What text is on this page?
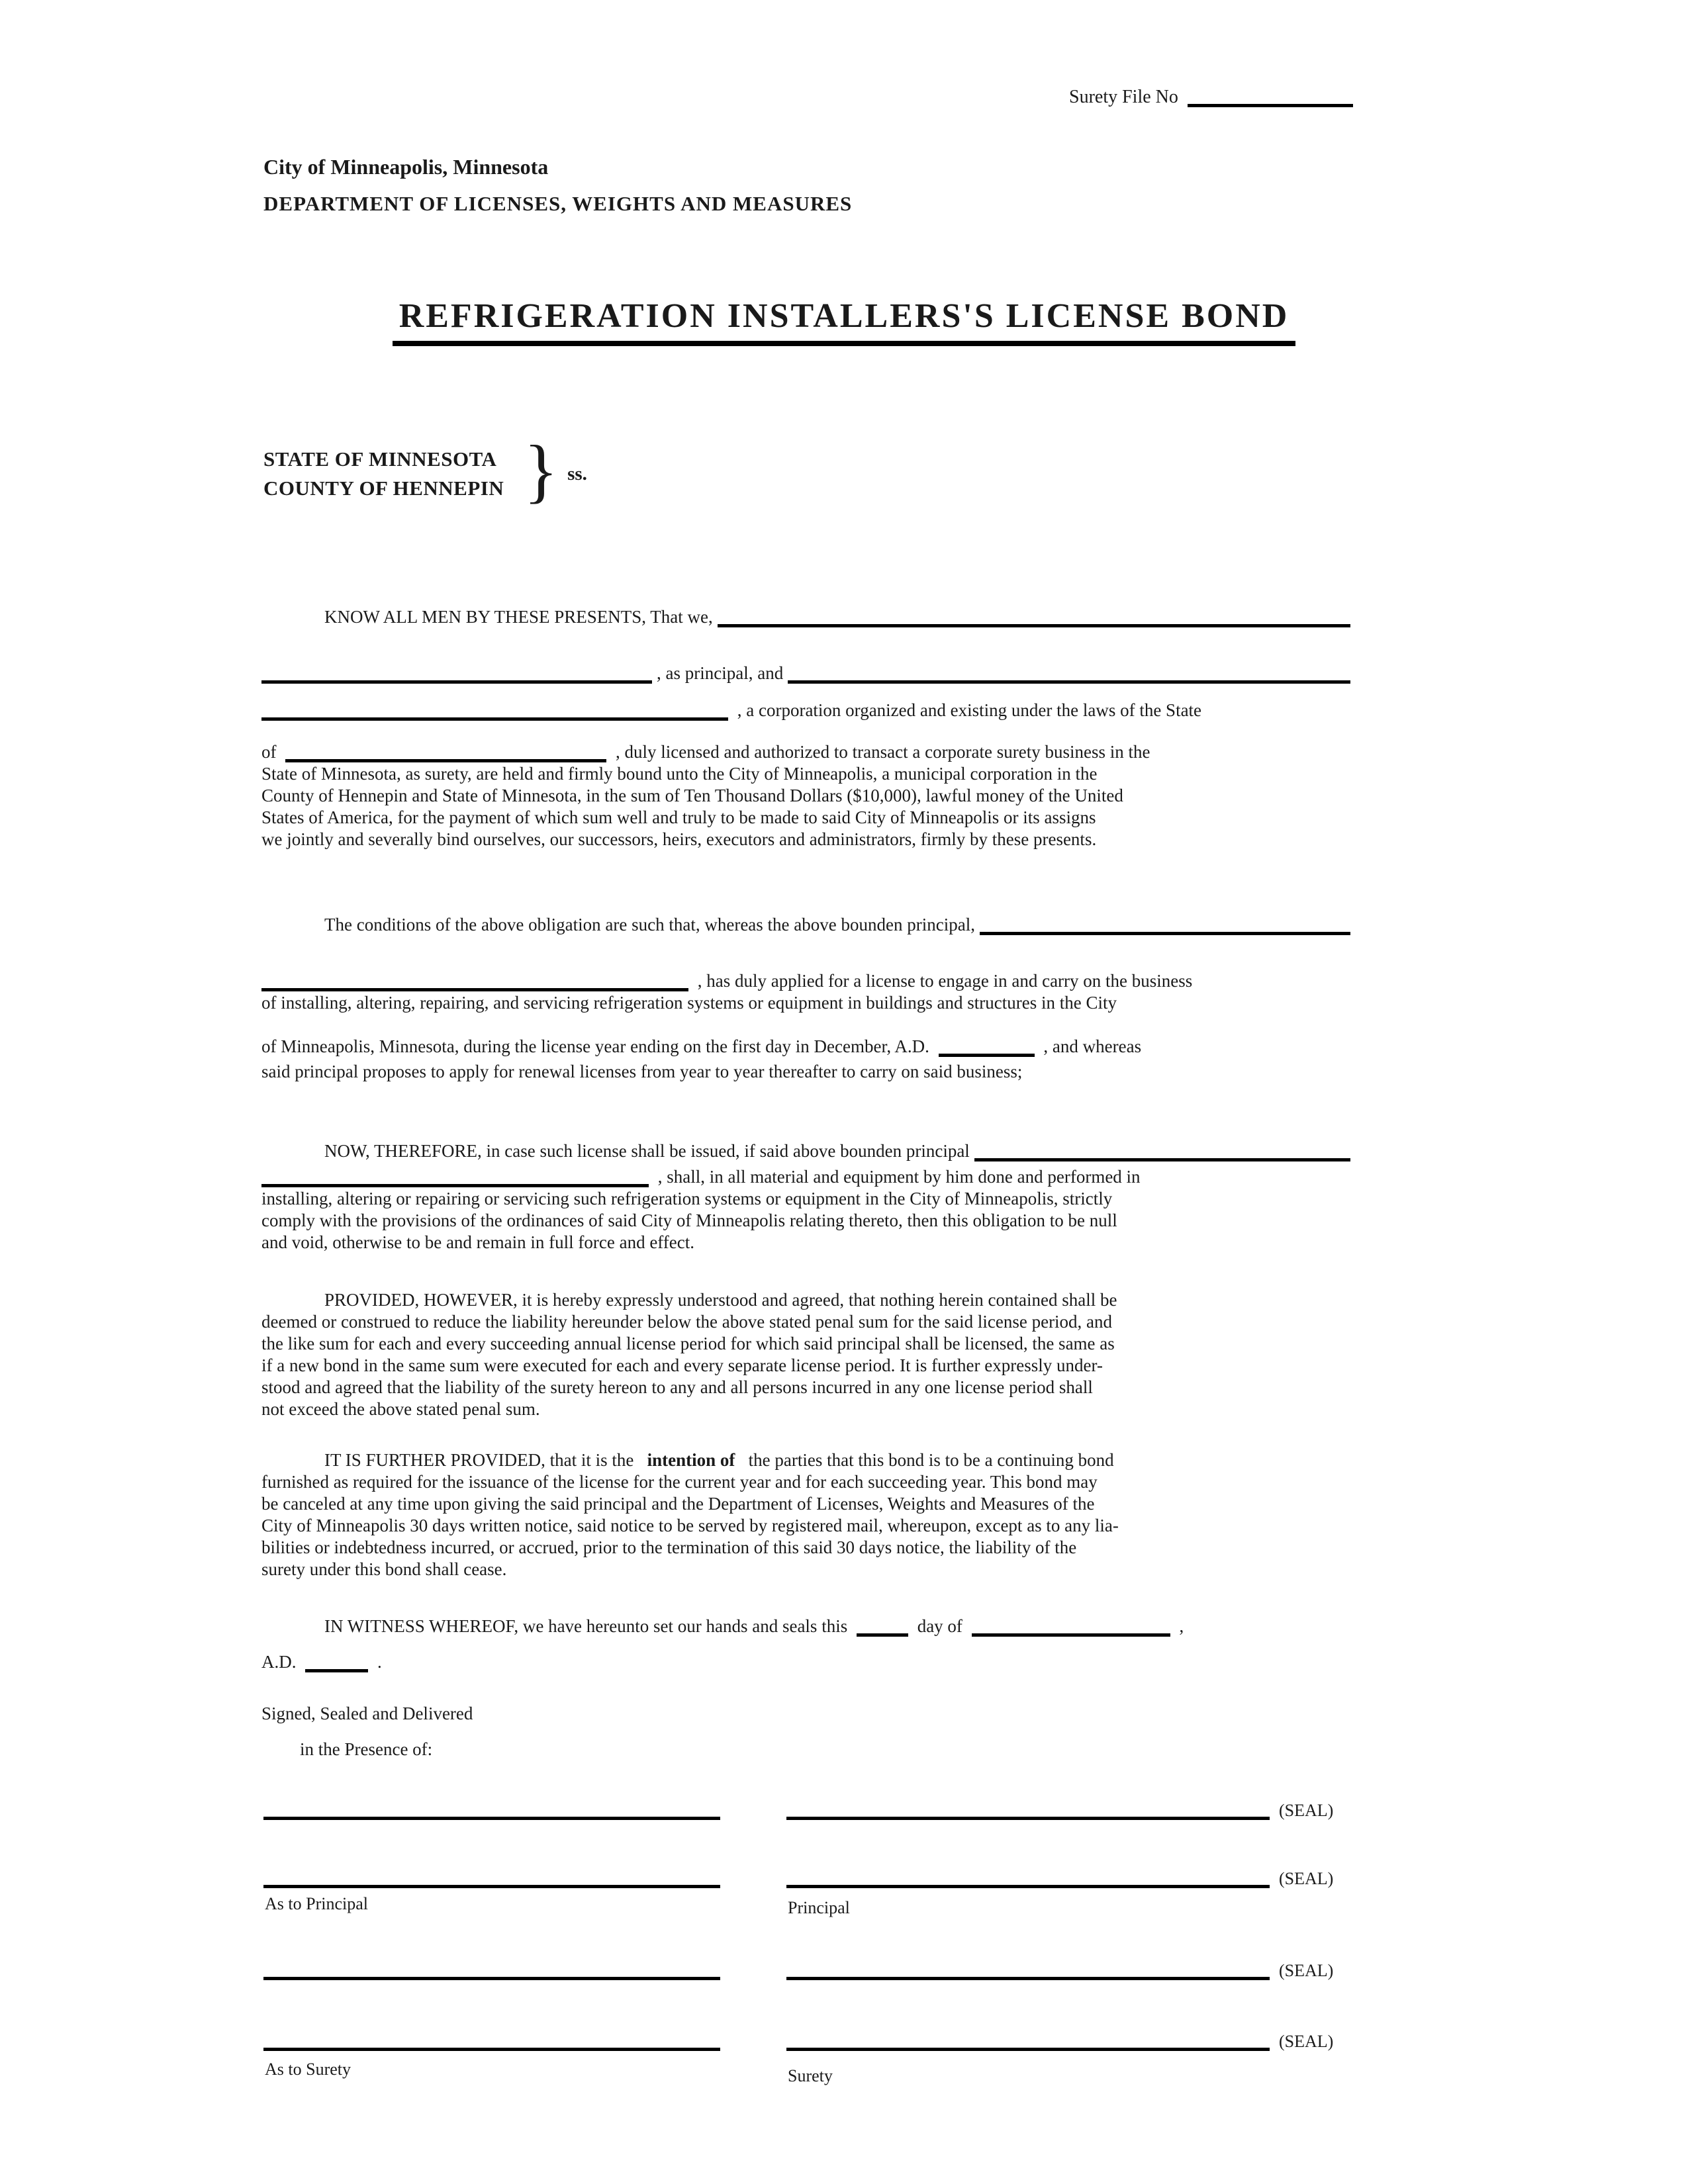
Surety File No
City of Minneapolis, Minnesota
DEPARTMENT OF LICENSES, WEIGHTS AND MEASURES
REFRIGERATION INSTALLERS'S LICENSE BOND
STATE OF MINNESOTA
COUNTY OF HENNEPIN } ss.
KNOW ALL MEN BY THESE PRESENTS, That we,
, as principal, and
, a corporation organized and existing under the laws of the State
of	, duly licensed and authorized to transact a corporate surety business in the
State of Minnesota, as surety, are held and firmly bound unto the City of Minneapolis, a municipal corporation in the
County of Hennepin and State of Minnesota, in the sum of Ten Thousand Dollars ($10,000), lawful money of the United
States of America, for the payment of which sum well and truly to be made to said City of Minneapolis or its assigns
we jointly and severally bind ourselves, our successors, heirs, executors and administrators, firmly by these presents.
The conditions of the above obligation are such that, whereas the above bounden principal,
, has duly applied for a license to engage in and carry on the business
of installing, altering, repairing, and servicing refrigeration systems or equipment in buildings and structures in the City
of Minneapolis, Minnesota, during the license year ending on the first day in December, A.D.	, and whereas
said principal proposes to apply for renewal licenses from year to year thereafter to carry on said business;
NOW, THEREFORE, in case such license shall be issued, if said above bounden principal
, shall, in all material and equipment by him done and performed in
installing, altering or repairing or servicing such refrigeration systems or equipment in the City of Minneapolis, strictly
comply with the provisions of the ordinances of said City of Minneapolis relating thereto, then this obligation to be null
and void, otherwise to be and remain in full force and effect.
PROVIDED, HOWEVER, it is hereby expressly understood and agreed, that nothing herein contained shall be
deemed or construed to reduce the liability hereunder below the above stated penal sum for the said license period, and
the like sum for each and every succeeding annual license period for which said principal shall be licensed, the same as
if a new bond in the same sum were executed for each and every separate license period. It is further expressly under-
stood and agreed that the liability of the surety hereon to any and all persons incurred in any one license period shall
not exceed the above stated penal sum.
IT IS FURTHER PROVIDED, that it is the intention of the parties that this bond is to be a continuing bond
furnished as required for the issuance of the license for the current year and for each succeeding year. This bond may
be canceled at any time upon giving the said principal and the Department of Licenses, Weights and Measures of the
City of Minneapolis 30 days written notice, said notice to be served by registered mail, whereupon, except as to any lia-
bilities or indebtedness incurred, or accrued, prior to the termination of this said 30 days notice, the liability of the
surety under this bond shall cease.
IN WITNESS WHEREOF, we have hereunto set our hands and seals this	day of	,
A.D.	.
Signed, Sealed and Delivered
in the Presence of:
(SEAL)
(SEAL)
As to Principal	Principal
(SEAL)
(SEAL)
As to Surety	Surety
